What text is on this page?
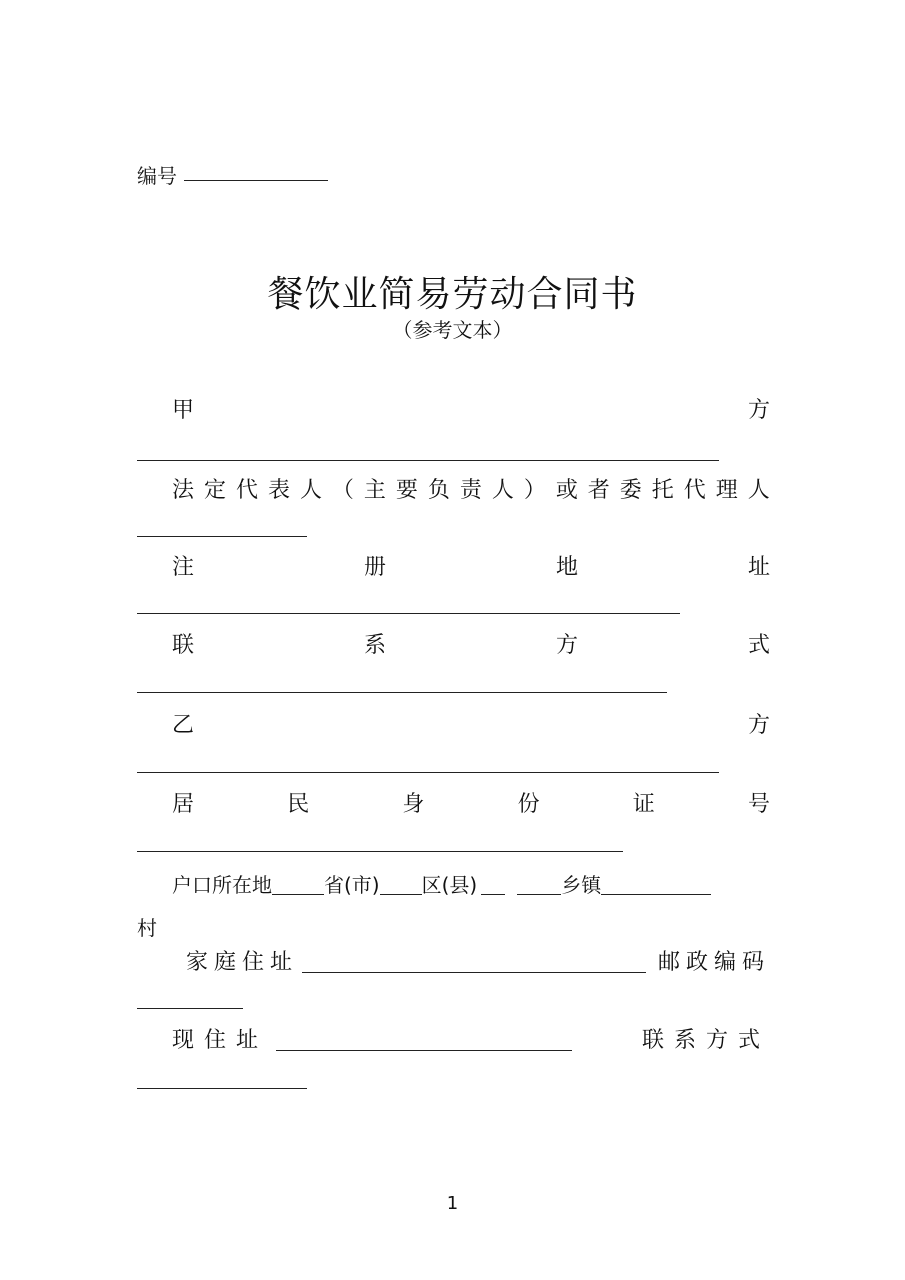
编号
餐饮业简易劳动合同书
（参考文本）
甲	方
法 定 代 表 人 （ 主 要 负 责 人 ） 或 者 委 托 代 理 人
注	册	地	址
联	系	方	式
乙	方
居	民	身	份	证	号
户口所在地	省(市) 区(县)	乡镇
村
家庭住址	邮政编码
现住址	联系方式
1
